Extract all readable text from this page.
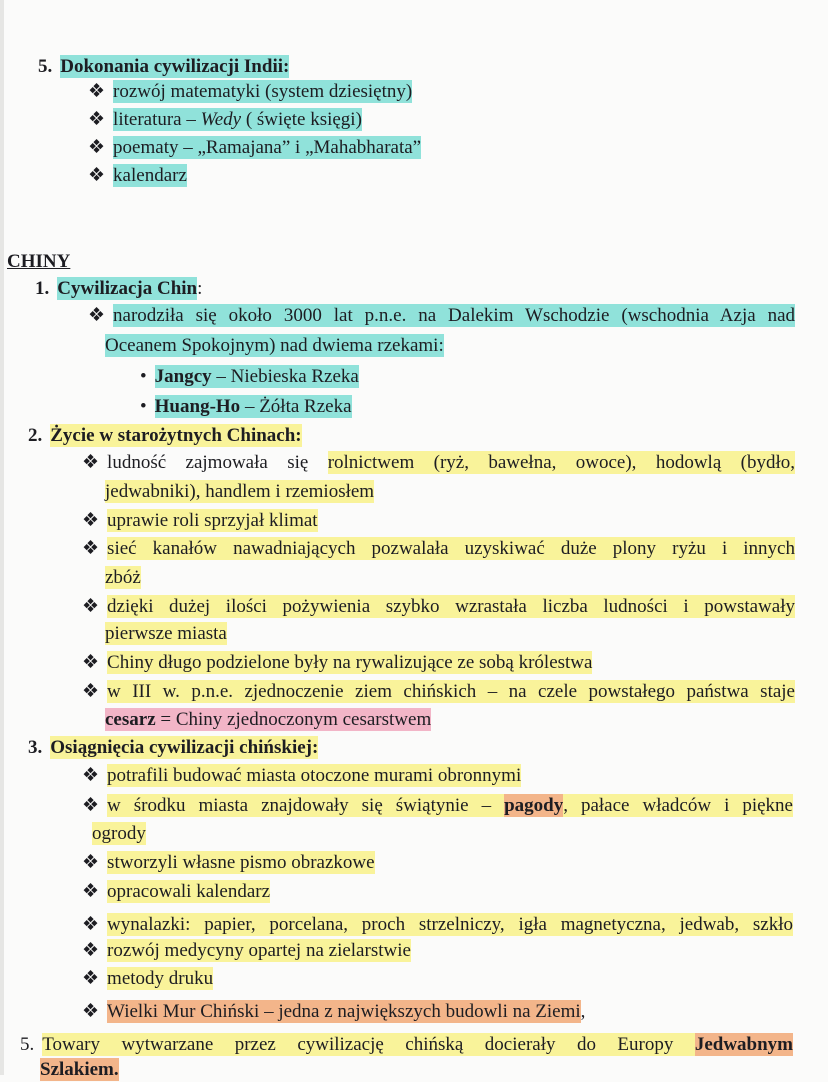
5. Dokonania cywilizacji Indii:
❖ rozwój matematyki (system dziesiętny)
❖ literatura – Wedy ( święte księgi)
❖ poematy – „Ramajana” i „Mahabharata”
❖ kalendarz
CHINY
1. Cywilizacja Chin:
❖ narodziła się około 3000 lat p.n.e. na Dalekim Wschodzie (wschodnia Azja nad
Oceanem Spokojnym) nad dwiema rzekami:
• Jangcy – Niebieska Rzeka
• Huang-Ho – Żółta Rzeka
2. Życie w starożytnych Chinach:
❖ ludność zajmowała się rolnictwem (ryż, bawełna, owoce), hodowlą (bydło,
jedwabniki), handlem i rzemiosłem
❖ uprawie roli sprzyjał klimat
❖ sieć kanałów nawadniających pozwalała uzyskiwać duże plony ryżu i innych
zbóż
❖ dzięki dużej ilości pożywienia szybko wzrastała liczba ludności i powstawały
pierwsze miasta
❖ Chiny długo podzielone były na rywalizujące ze sobą królestwa
❖ w III w. p.n.e. zjednoczenie ziem chińskich – na czele powstałego państwa staje
cesarz = Chiny zjednoczonym cesarstwem
3. Osiągnięcia cywilizacji chińskiej:
❖ potrafili budować miasta otoczone murami obronnymi
❖ w środku miasta znajdowały się świątynie – pagody, pałace władców i piękne
ogrody
❖ stworzyli własne pismo obrazkowe
❖ opracowali kalendarz
❖ wynalazki: papier, porcelana, proch strzelniczy, igła magnetyczna, jedwab, szkło
❖ rozwój medycyny opartej na zielarstwie
❖ metody druku
❖ Wielki Mur Chiński – jedna z największych budowli na Ziemi,
5. Towary wytwarzane przez cywilizację chińską docierały do Europy Jedwabnym
Szlakiem.
